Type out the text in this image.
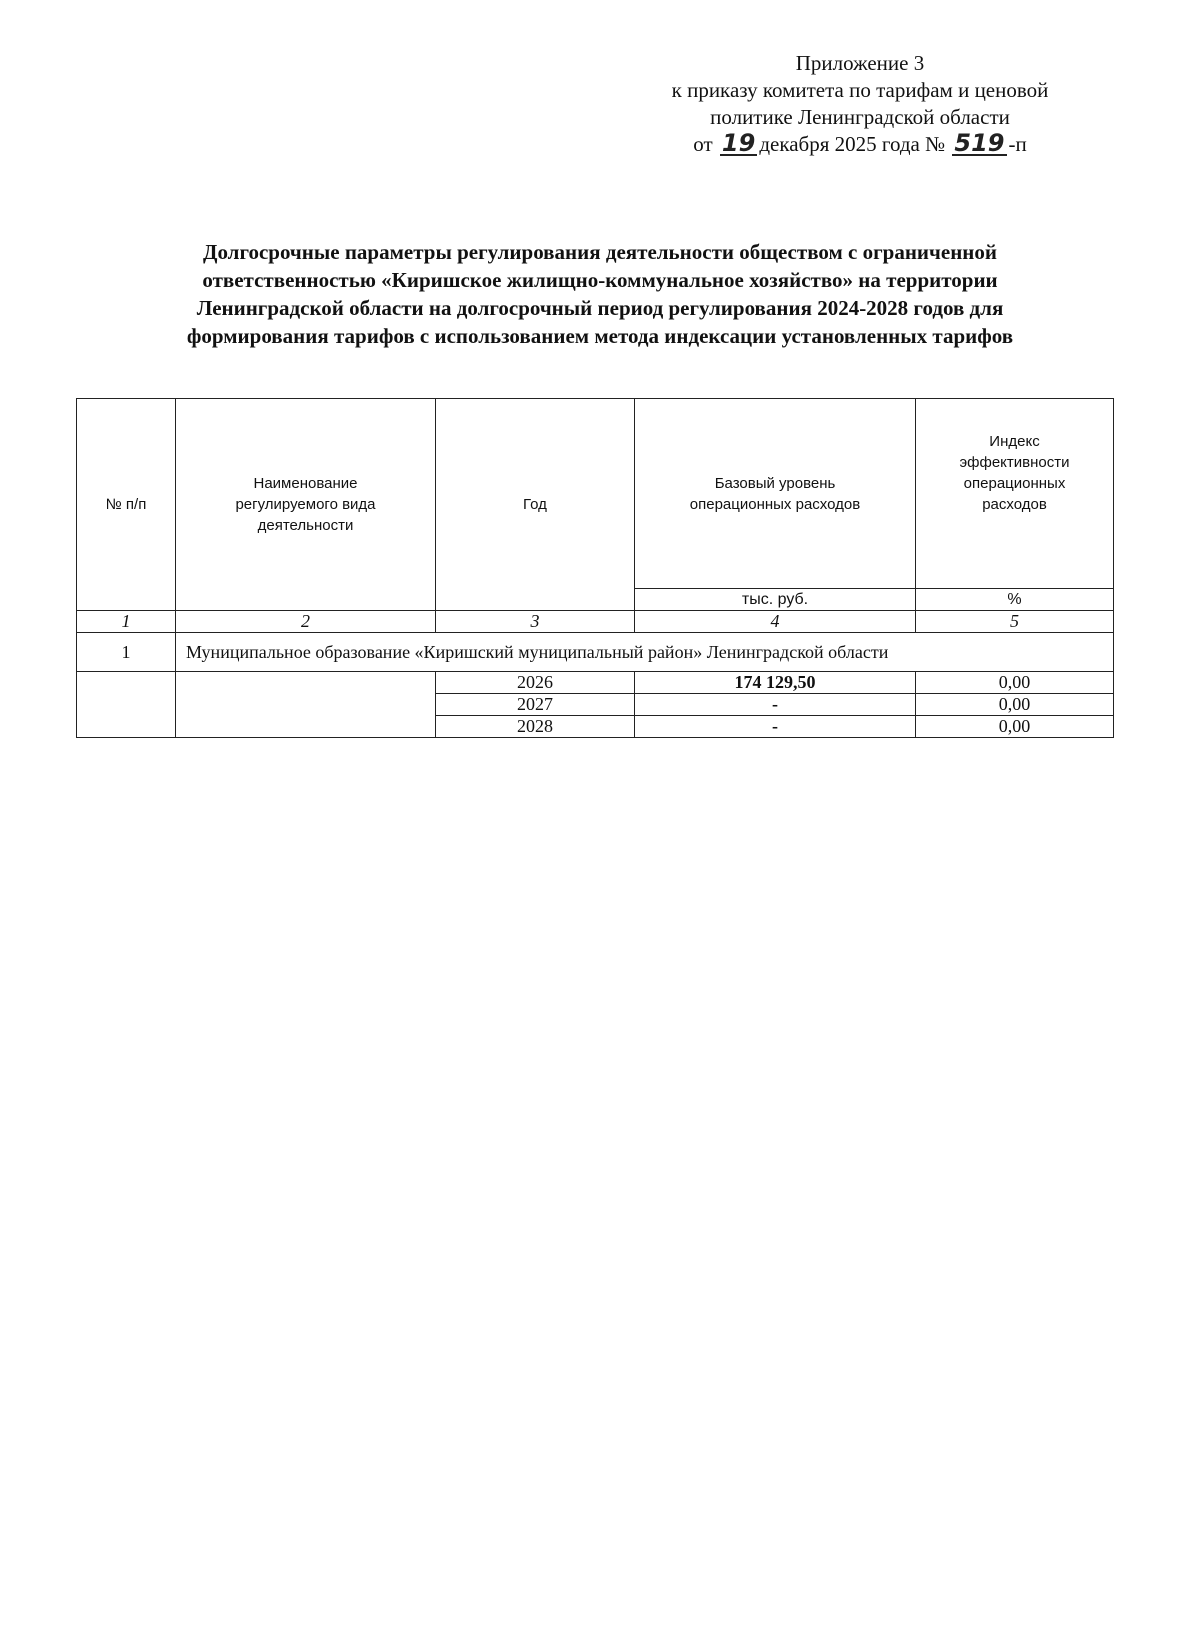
Приложение 3
к приказу комитета по тарифам и ценовой
политике Ленинградской области
от 19 декабря 2025 года № 519 -п
Долгосрочные параметры регулирования деятельности обществом с ограниченной
ответственностью «Киришское жилищно-коммунальное хозяйство» на территории
Ленинградской области на долгосрочный период регулирования 2024-2028 годов для
формирования тарифов с использованием метода индексации установленных тарифов
№ п/п	Наименование регулируемого вида деятельности	Год	Базовый уровень операционных расходов	Индекс эффективности операционных расходов
			тыс. руб.	%
1	2	3	4	5
1	Муниципальное образование «Киришский муниципальный район» Ленинградской области			
		2026	174 129,50	0,00
		2027	-	0,00
		2028	-	0,00
